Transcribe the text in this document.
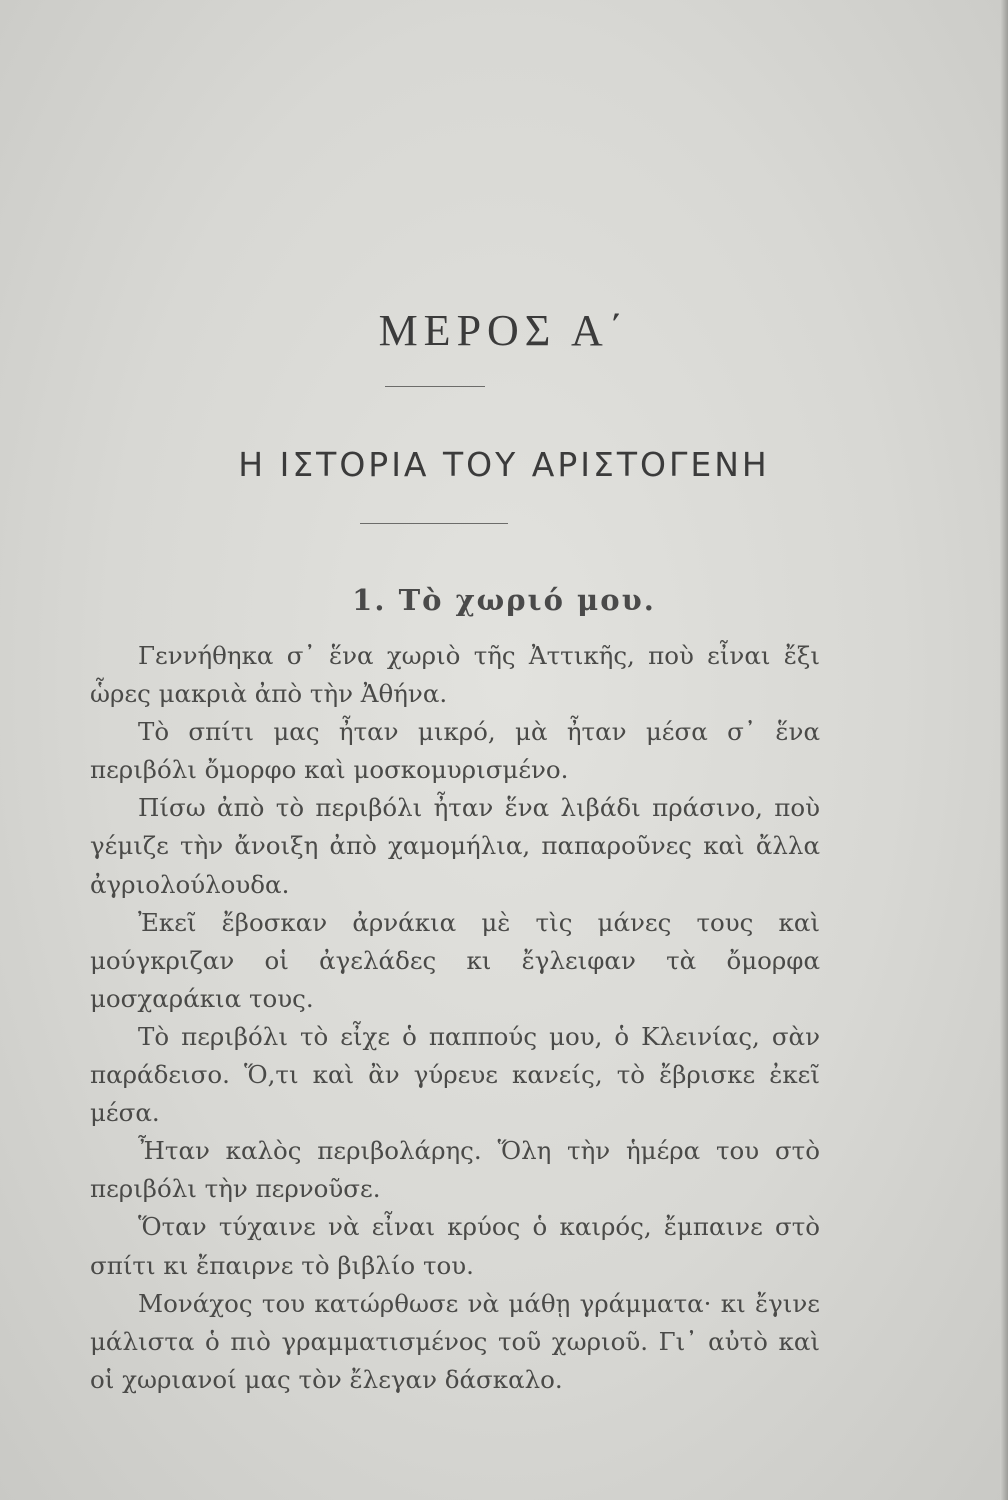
ΜΕΡΟΣ Α΄
Η ΙΣΤΟΡΙΑ ΤΟΥ ΑΡΙΣΤΟΓΕΝΗ
1. Τὸ χωριό μου.

Γεννήθηκα σ᾽ ἕνα χωριὸ τῆς Ἀττικῆς, ποὺ εἶναι ἔξι ὧρες μακριὰ ἀπὸ τὴν Ἀθήνα.

Τὸ σπίτι μας ἦταν μικρό, μὰ ἦταν μέσα σ᾽ ἕνα περιβόλι ὄμορφο καὶ μοσκομυρισμένο.

Πίσω ἀπὸ τὸ περιβόλι ἦταν ἕνα λιβάδι πράσινο, ποὺ γέμιζε τὴν ἄνοιξη ἀπὸ χαμομήλια, παπαροῦνες καὶ ἄλλα ἀγριολούλουδα.

Ἐκεῖ ἔβοσκαν ἀρνάκια μὲ τὶς μάνες τους καὶ μούγκριζαν οἱ ἀγελάδες κι ἔγλειφαν τὰ ὄμορφα μοσχαράκια τους.

Τὸ περιβόλι τὸ εἶχε ὁ παππούς μου, ὁ Κλεινίας, σὰν παράδεισο. Ὅ,τι καὶ ἂν γύρευε κανείς, τὸ ἔβρισκε ἐκεῖ μέσα.

Ἦταν καλὸς περιβολάρης. Ὅλη τὴν ἡμέρα του στὸ περιβόλι τὴν περνοῦσε.

Ὅταν τύχαινε νὰ εἶναι κρύος ὁ καιρός, ἔμπαινε στὸ σπίτι κι ἔπαιρνε τὸ βιβλίο του.

Μονάχος του κατώρθωσε νὰ μάθῃ γράμματα· κι ἔγινε μάλιστα ὁ πιὸ γραμματισμένος τοῦ χωριοῦ. Γι᾽ αὐτὸ καὶ οἱ χωριανοί μας τὸν ἔλεγαν δάσκαλο.
